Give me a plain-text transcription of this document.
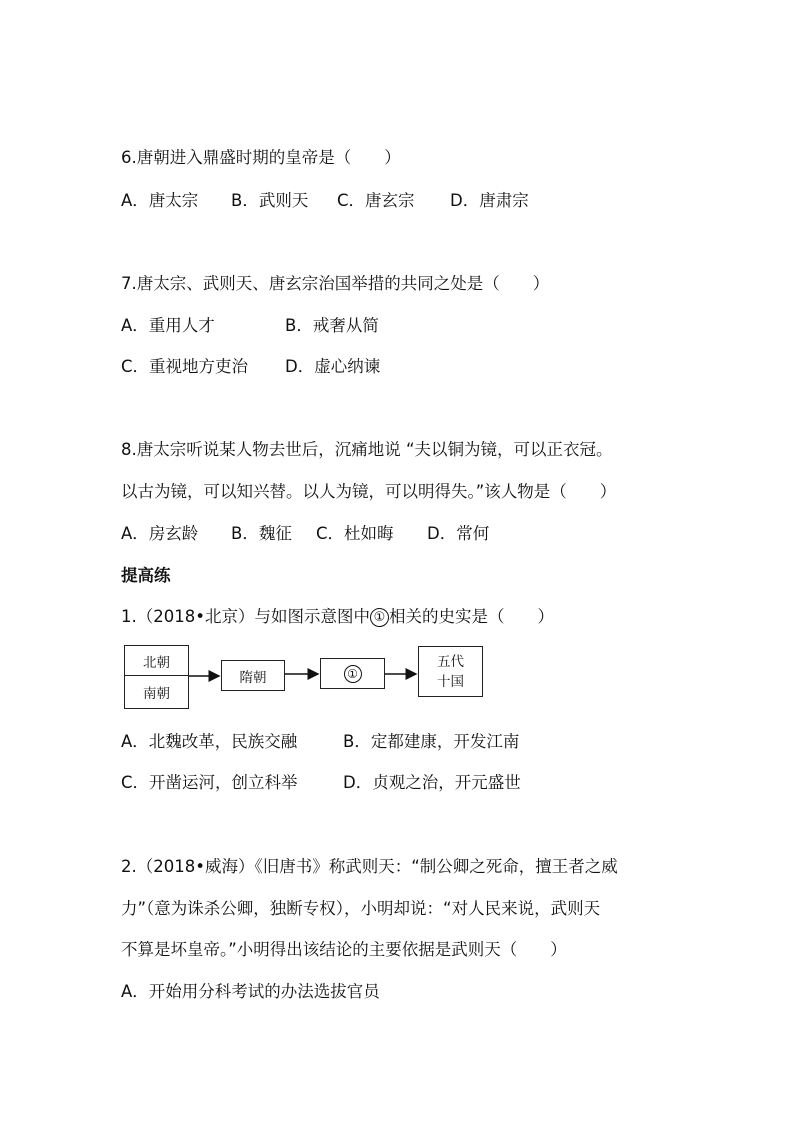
6.唐朝进入鼎盛时期的皇帝是（　　）
A．唐太宗 B．武则天 C．唐玄宗 D．唐肃宗
7.唐太宗、武则天、唐玄宗治国举措的共同之处是（　　）
A．重用人才	B．戒奢从简
C．重视地方吏治 D．虚心纳谏
8.唐太宗听说某人物去世后，沉痛地说 “夫以铜为镜，可以正衣冠。
以古为镜，可以知兴替。以人为镜，可以明得失。”该人物是（　　）
A．房玄龄 B．魏征 C．杜如晦 D．常何
提高练
1.（2018•北京）与如图示意图中 ① 相关的史实是（　　）
北朝
南朝
隋朝	①
五代
十国
A．北魏改革，民族交融	B．定都建康，开发江南
C．开凿运河，创立科举	D．贞观之治，开元盛世
2.（2018•威海）《旧唐书》称武则天：“制公卿之死命，擅王者之威
力”（意为诛杀公卿，独断专权），小明却说：“对人民来说，武则天
不算是坏皇帝。”小明得出该结论的主要依据是武则天（　　）
A．开始用分科考试的办法选拔官员
